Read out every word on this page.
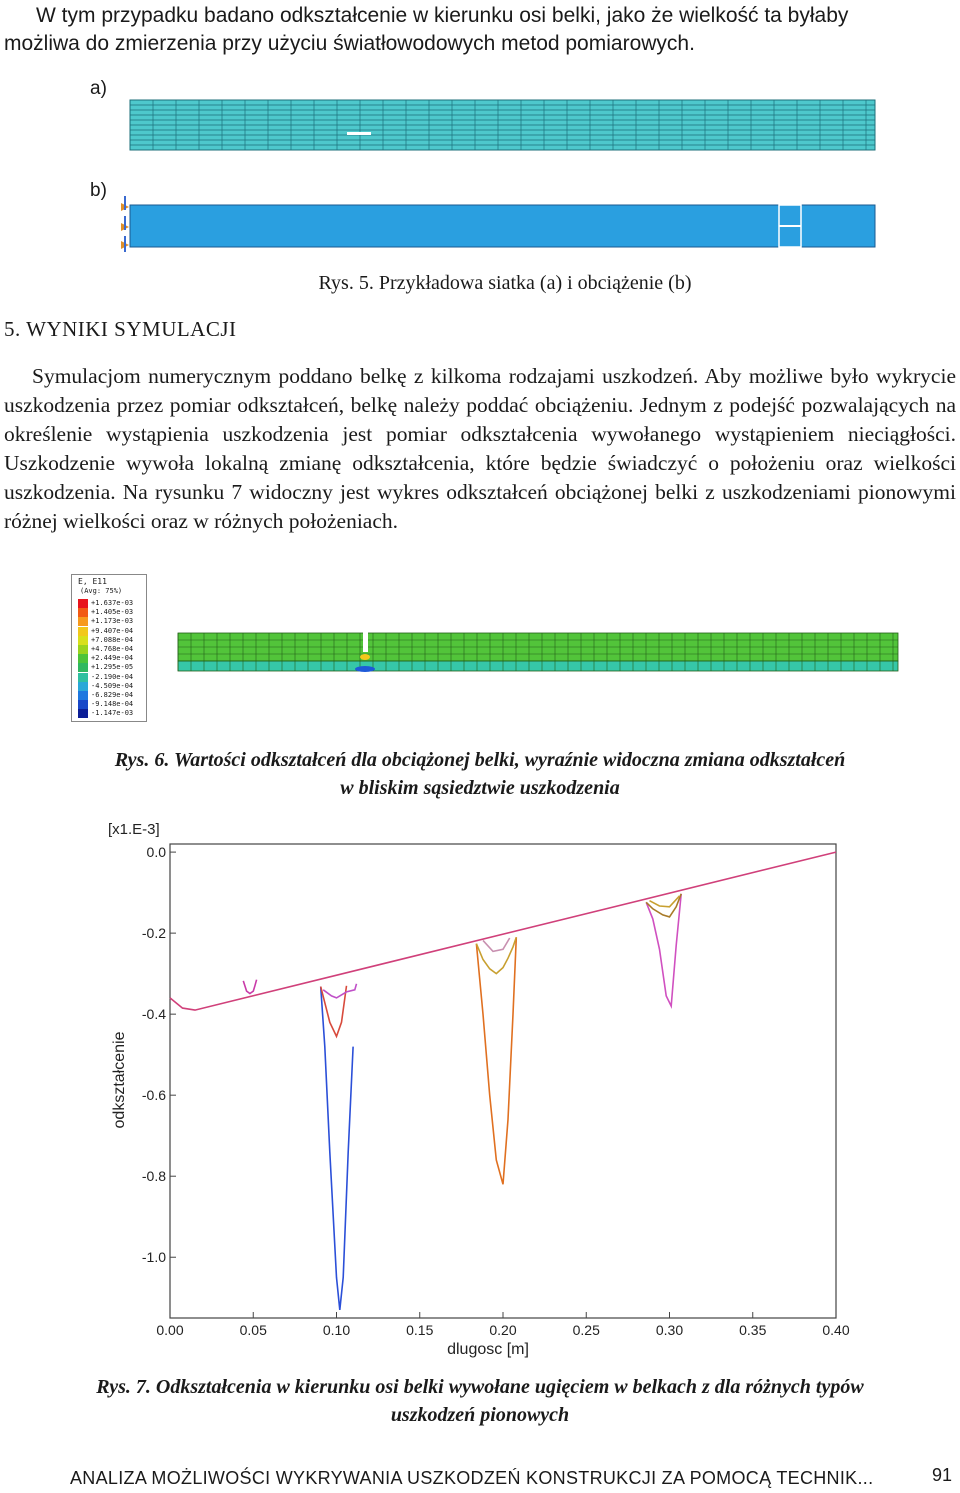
W tym przypadku badano odkształcenie w kierunku osi belki, jako że wielkość ta byłaby
możliwa do zmierzenia przy użyciu światłowodowych metod pomiarowych.
a)
b)
Rys. 5. Przykładowa siatka (a) i obciążenie (b)
5. WYNIKI SYMULACJI
Symulacjom numerycznym poddano belkę z kilkoma rodzajami uszkodzeń. Aby możliwe było wykrycie uszkodzenia przez pomiar odkształceń, belkę należy poddać obciążeniu. Jednym z podejść pozwalających na określenie wystąpienia uszkodzenia jest pomiar odkształcenia wywołanego wystąpieniem nieciągłości. Uszkodzenie wywoła lokalną zmianę odkształcenia, które będzie świadczyć o położeniu oraz wielkości uszkodzenia. Na rysunku 7 widoczny jest wykres odkształceń obciążonej belki z uszkodzeniami pionowymi różnej wielkości oraz w różnych położeniach.
E, E11
(Avg: 75%)
+1.637e-03
+1.405e-03
+1.173e-03
+9.407e-04
+7.088e-04
+4.768e-04
+2.449e-04
+1.295e-05
-2.190e-04
-4.509e-04
-6.829e-04
-9.148e-04
-1.147e-03
Rys. 6. Wartości odkształceń dla obciążonej belki, wyraźnie widoczna zmiana odkształceń
w bliskim sąsiedztwie uszkodzenia
0.00	0.05	0.10	0.15	0.20	0.25	0.30	0.35	0.40
0.0
-0.2
-0.4
-0.6
-0.8
-1.0
[x1.E-3]
dlugosc [m]
odkształcenie
Rys. 7. Odkształcenia w kierunku osi belki wywołane ugięciem w belkach z dla różnych typów
uszkodzeń pionowych
ANALIZA MOŻLIWOŚCI WYKRYWANIA USZKODZEŃ KONSTRUKCJI ZA POMOCĄ TECHNIK...	91
